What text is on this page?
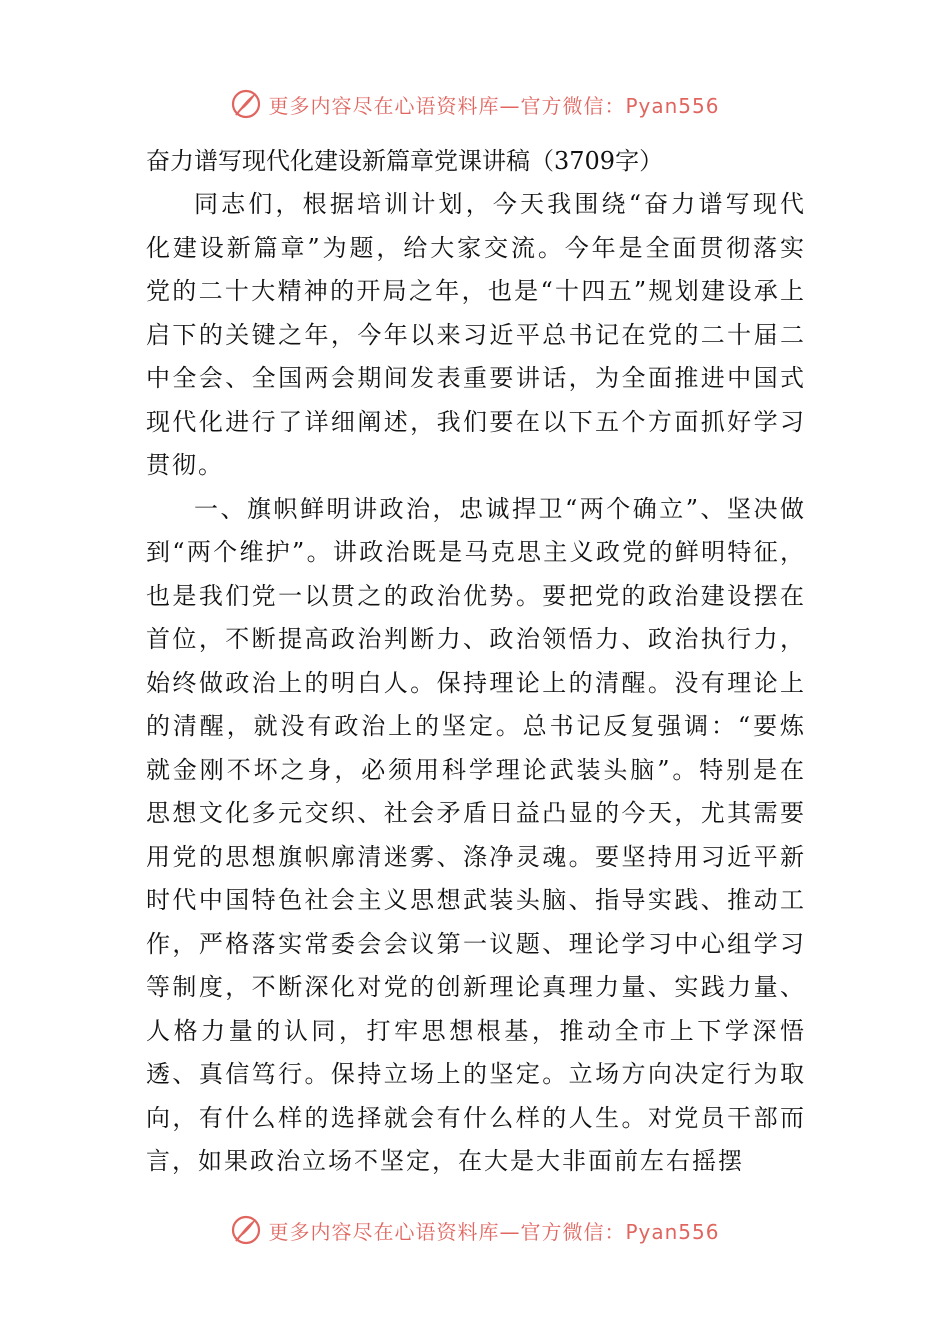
更多内容尽在心语资料库—官方微信：Pyan556
奋力谱写现代化建设新篇章党课讲稿（3709字）

同志们，根据培训计划，今天我围绕“奋力谱写现代化建设新篇章”为题，给大家交流。今年是全面贯彻落实党的二十大精神的开局之年，也是“十四五”规划建设承上启下的关键之年，今年以来习近平总书记在党的二十届二中全会、全国两会期间发表重要讲话，为全面推进中国式现代化进行了详细阐述，我们要在以下五个方面抓好学习贯彻。

一、旗帜鲜明讲政治，忠诚捍卫“两个确立”、坚决做到“两个维护”。讲政治既是马克思主义政党的鲜明特征，也是我们党一以贯之的政治优势。要把党的政治建设摆在首位，不断提高政治判断力、政治领悟力、政治执行力，始终做政治上的明白人。保持理论上的清醒。没有理论上的清醒，就没有政治上的坚定。总书记反复强调：“要炼就金刚不坏之身，必须用科学理论武装头脑”。特别是在思想文化多元交织、社会矛盾日益凸显的今天，尤其需要用党的思想旗帜廓清迷雾、涤净灵魂。要坚持用习近平新时代中国特色社会主义思想武装头脑、指导实践、推动工作，严格落实常委会会议第一议题、理论学习中心组学习等制度，不断深化对党的创新理论真理力量、实践力量、人格力量的认同，打牢思想根基，推动全市上下学深悟透、真信笃行。保持立场上的坚定。立场方向决定行为取向，有什么样的选择就会有什么样的人生。对党员干部而言，如果政治立场不坚定，在大是大非面前左右摇摆

更多内容尽在心语资料库—官方微信：Pyan556
